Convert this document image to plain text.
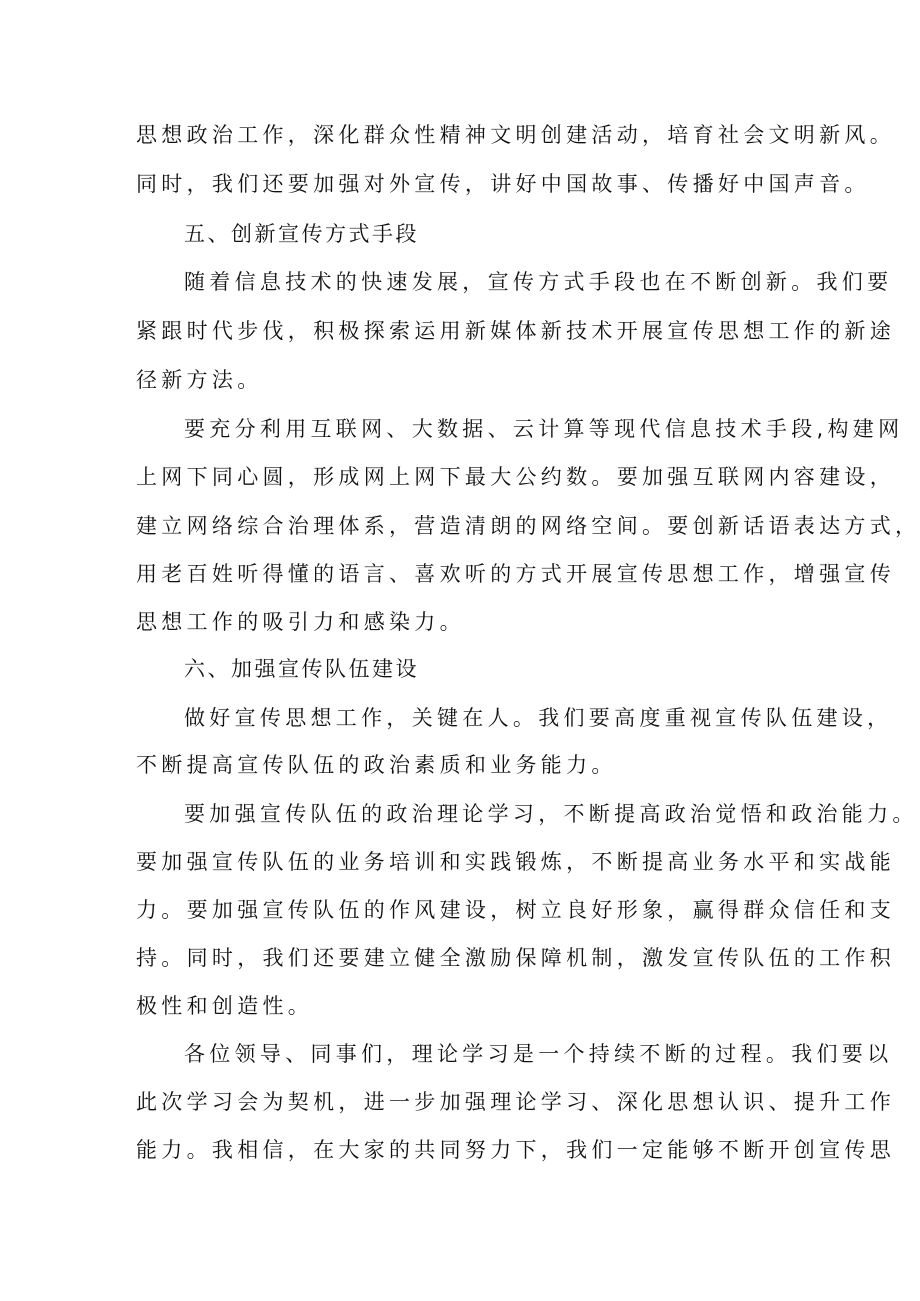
思想政治工作，深化群众性精神文明创建活动，培育社会文明新风。
同时，我们还要加强对外宣传，讲好中国故事、传播好中国声音。
五、创新宣传方式手段
随着信息技术的快速发展，宣传方式手段也在不断创新。我们要
紧跟时代步伐，积极探索运用新媒体新技术开展宣传思想工作的新途
径新方法。
要充分利用互联网、大数据、云计算等现代信息技术手段,构建网
上网下同心圆，形成网上网下最大公约数。要加强互联网内容建设，
建立网络综合治理体系，营造清朗的网络空间。要创新话语表达方式，
用老百姓听得懂的语言、喜欢听的方式开展宣传思想工作，增强宣传
思想工作的吸引力和感染力。
六、加强宣传队伍建设
做好宣传思想工作，关键在人。我们要高度重视宣传队伍建设，
不断提高宣传队伍的政治素质和业务能力。
要加强宣传队伍的政治理论学习，不断提高政治觉悟和政治能力。
要加强宣传队伍的业务培训和实践锻炼，不断提高业务水平和实战能
力。要加强宣传队伍的作风建设，树立良好形象，赢得群众信任和支
持。同时，我们还要建立健全激励保障机制，激发宣传队伍的工作积
极性和创造性。
各位领导、同事们，理论学习是一个持续不断的过程。我们要以
此次学习会为契机，进一步加强理论学习、深化思想认识、提升工作
能力。我相信，在大家的共同努力下，我们一定能够不断开创宣传思
